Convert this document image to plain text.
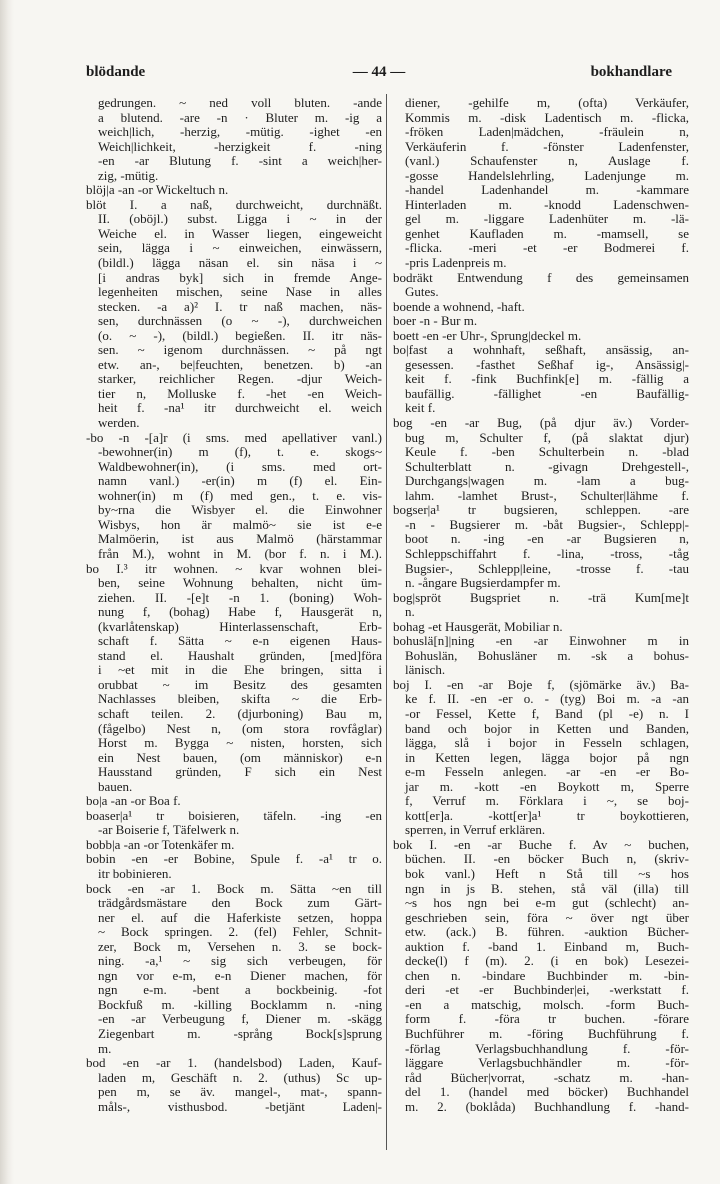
blödande	— 44 —	bokhandlare
gedrungen. ~ ned voll bluten. -ande
a blutend. -are -n · Bluter m. -ig a
weich|lich, -herzig, -mütig. -ighet -en
Weich|lichkeit, -herzigkeit f. -ning
-en -ar Blutung f. -sint a weich|her-
zig, -mütig.
blöj|a -an -or Wickeltuch n.
blöt I. a naß, durchweicht, durchnäßt.
II. (oböjl.) subst. Ligga i ~ in der
Weiche el. in Wasser liegen, eingeweicht
sein, lägga i ~ einweichen, einwässern,
(bildl.) lägga näsan el. sin näsa i ~
[i andras byk] sich in fremde Ange-
legenheiten mischen, seine Nase in alles
stecken. -a a)² I. tr naß machen, näs-
sen, durchnässen (o ~ -), durchweichen
(o. ~ -), (bildl.) begießen. II. itr näs-
sen. ~ igenom durchnässen. ~ på ngt
etw. an-, be|feuchten, benetzen. b) -an
starker, reichlicher Regen. -djur Weich-
tier n, Molluske f. -het -en Weich-
heit f. -na¹ itr durchweicht el. weich
werden.
-bo -n -[a]r (i sms. med apellativer vanl.)
-bewohner(in) m (f), t. e. skogs~
Waldbewohner(in), (i sms. med ort-
namn vanl.) -er(in) m (f) el. Ein-
wohner(in) m (f) med gen., t. e. vis-
by~rna die Wisbyer el. die Einwohner
Wisbys, hon är malmö~ sie ist e-e
Malmöerin, ist aus Malmö (härstammar
från M.), wohnt in M. (bor f. n. i M.).
bo I.³ itr wohnen. ~ kvar wohnen blei-
ben, seine Wohnung behalten, nicht üm-
ziehen. II. -[e]t -n 1. (boning) Woh-
nung f, (bohag) Habe f, Hausgerät n,
(kvarlåtenskap) Hinterlassenschaft, Erb-
schaft f. Sätta ~ e-n eigenen Haus-
stand el. Haushalt gründen, [med]föra
i ~et mit in die Ehe bringen, sitta i
orubbat ~ im Besitz des gesamten
Nachlasses bleiben, skifta ~ die Erb-
schaft teilen. 2. (djurboning) Bau m,
(fågelbo) Nest n, (om stora rovfåglar)
Horst m. Bygga ~ nisten, horsten, sich
ein Nest bauen, (om människor) e-n
Hausstand gründen, F sich ein Nest
bauen.
bo|a -an -or Boa f.
boaser|a¹ tr boisieren, täfeln. -ing -en
-ar Boiserie f, Täfelwerk n.
bobb|a -an -or Totenkäfer m.
bobin -en -er Bobine, Spule f. -a¹ tr o.
itr bobinieren.
bock -en -ar 1. Bock m. Sätta ~en till
trädgårdsmästare den Bock zum Gärt-
ner el. auf die Haferkiste setzen, hoppa
~ Bock springen. 2. (fel) Fehler, Schnit-
zer, Bock m, Versehen n. 3. se bock-
ning. -a,¹ ~ sig sich verbeugen, för
ngn vor e-m, e-n Diener machen, för
ngn e-m. -bent a bockbeinig. -fot
Bockfuß m. -killing Bocklamm n. -ning
-en -ar Verbeugung f, Diener m. -skägg
Ziegenbart m. -språng Bock[s]sprung
m.
bod -en -ar 1. (handelsbod) Laden, Kauf-
laden m, Geschäft n. 2. (uthus) Sc up-
pen m, se äv. mangel-, mat-, spann-
måls-, visthusbod. -betjänt Laden|-
diener, -gehilfe m, (ofta) Verkäufer,
Kommis m. -disk Ladentisch m. -flicka,
-fröken Laden|mädchen, -fräulein n,
Verkäuferin f. -fönster Ladenfenster,
(vanl.) Schaufenster n, Auslage f.
-gosse Handelslehrling, Ladenjunge m.
-handel Ladenhandel m. -kammare
Hinterladen m. -knodd Ladenschwen-
gel m. -liggare Ladenhüter m. -lä-
genhet Kaufladen m. -mamsell, se
-flicka. -meri -et -er Bodmerei f.
-pris Ladenpreis m.
bodräkt Entwendung f des gemeinsamen
Gutes.
boende a wohnend, -haft.
boer -n - Bur m.
boett -en -er Uhr-, Sprung|deckel m.
bo|fast a wohnhaft, seßhaft, ansässig, an-
gesessen. -fasthet Seßhaf ig-, Ansässig|-
keit f. -fink Buchfink[e] m. -fällig a
baufällig. -fällighet -en Baufällig-
keit f.
bog -en -ar Bug, (på djur äv.) Vorder-
bug m, Schulter f, (på slaktat djur)
Keule f. -ben Schulterbein n. -blad
Schulterblatt n. -givagn Drehgestell-,
Durchgangs|wagen m. -lam a bug-
lahm. -lamhet Brust-, Schulter|lähme f.
bogser|a¹ tr bugsieren, schleppen. -are
-n - Bugsierer m. -båt Bugsier-, Schlepp|-
boot n. -ing -en -ar Bugsieren n,
Schleppschiffahrt f. -lina, -tross, -tåg
Bugsier-, Schlepp|leine, -trosse f. -tau
n. -ångare Bugsierdampfer m.
bog|spröt Bugspriet n. -trä Kum[me]t
n.
bohag -et Hausgerät, Mobiliar n.
bohuslä[n]|ning -en -ar Einwohner m in
Bohuslän, Bohusläner m. -sk a bohus-
länisch.
boj I. -en -ar Boje f, (sjömärke äv.) Ba-
ke f. II. -en -er o. - (tyg) Boi m. -a -an
-or Fessel, Kette f, Band (pl -e) n. I
band och bojor in Ketten und Banden,
lägga, slå i bojor in Fesseln schlagen,
in Ketten legen, lägga bojor på ngn
e-m Fesseln anlegen. -ar -en -er Bo-
jar m. -kott -en Boykott m, Sperre
f, Verruf m. Förklara i ~, se boj-
kott[er]a. -kott[er]a¹ tr boykottieren,
sperren, in Verruf erklären.
bok I. -en -ar Buche f. Av ~ buchen,
büchen. II. -en böcker Buch n, (skriv-
bok vanl.) Heft n Stå till ~s hos
ngn in js B. stehen, stå väl (illa) till
~s hos ngn bei e-m gut (schlecht) an-
geschrieben sein, föra ~ över ngt über
etw. (ack.) B. führen. -auktion Bücher-
auktion f. -band 1. Einband m, Buch-
decke(l) f (m). 2. (i en bok) Lesezei-
chen n. -bindare Buchbinder m. -bin-
deri -et -er Buchbinder|ei, -werkstatt f.
-en a matschig, molsch. -form Buch-
form f. -föra tr buchen. -förare
Buchführer m. -föring Buchführung f.
-förlag Verlagsbuchhandlung f. -för-
läggare Verlagsbuchhändler m. -för-
råd Bücher|vorrat, -schatz m. -han-
del 1. (handel med böcker) Buchhandel
m. 2. (boklåda) Buchhandlung f. -hand-
